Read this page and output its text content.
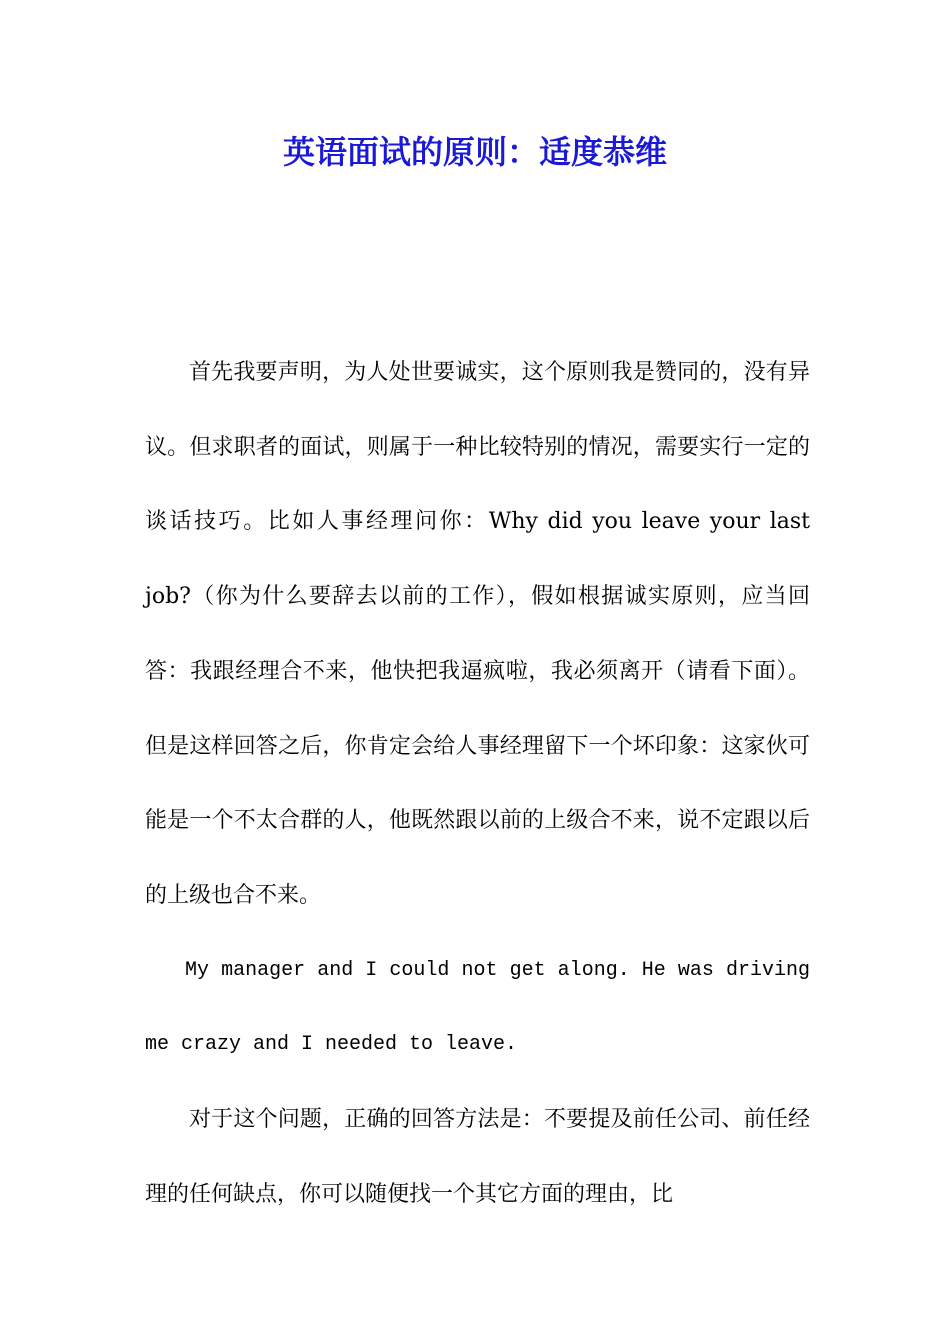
英语面试的原则：适度恭维

首先我要声明，为人处世要诚实，这个原则我是赞同的，没有异议。但求职者的面试，则属于一种比较特别的情况，需要实行一定的谈话技巧。比如人事经理问你：Why did you leave your last job?（你为什么要辞去以前的工作），假如根据诚实原则，应当回答：我跟经理合不来，他快把我逼疯啦，我必须离开（请看下面）。但是这样回答之后，你肯定会给人事经理留下一个坏印象：这家伙可能是一个不太合群的人，他既然跟以前的上级合不来，说不定跟以后的上级也合不来。

My manager and I could not get along. He was driving me crazy and I needed to leave.

对于这个问题，正确的回答方法是：不要提及前任公司、前任经理的任何缺点，你可以随便找一个其它方面的理由，比
